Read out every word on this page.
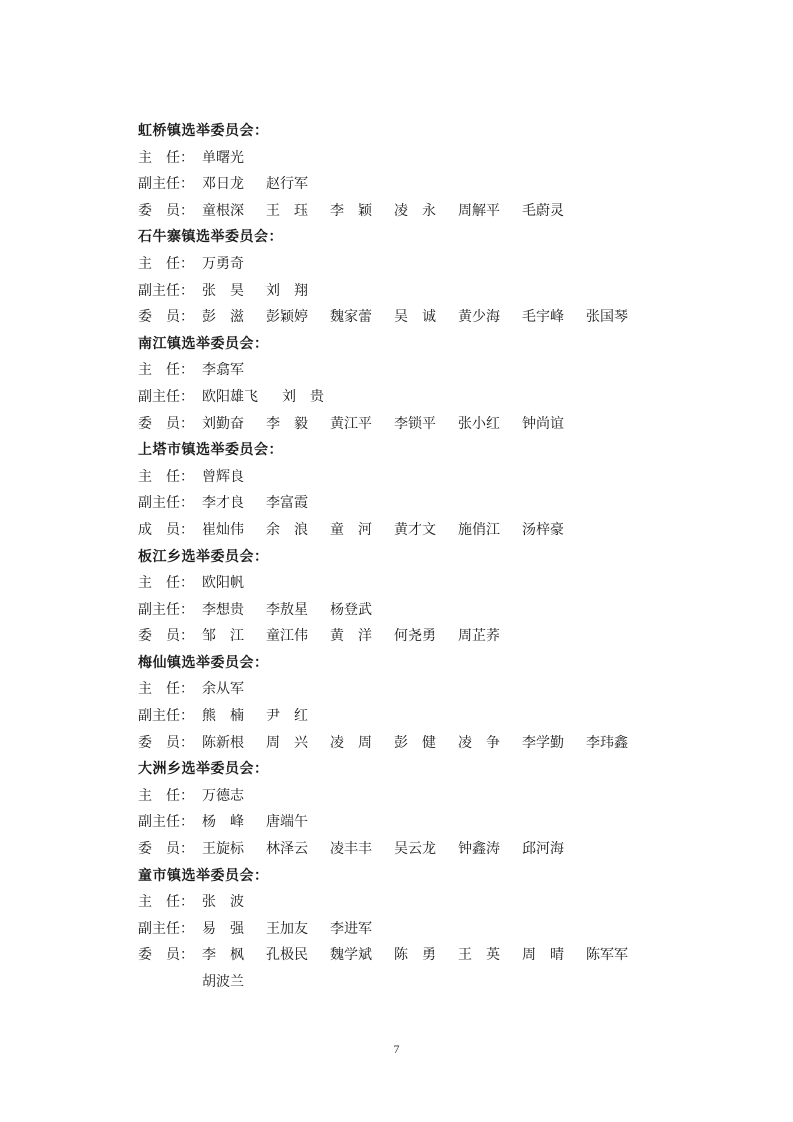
虹桥镇选举委员会：
主　任： 单曙光
副主任： 邓日龙	赵行军
委　员： 童根深	王　珏	李　颖	凌　永	周解平	毛蔚灵
石牛寨镇选举委员会：
主　任： 万勇奇
副主任： 张　昊	刘　翔
委　员： 彭　滋	彭颖婷	魏家蕾	吴　诚	黄少海	毛宇峰	张国琴
南江镇选举委员会：
主　任： 李翕军
副主任： 欧阳雄飞	刘　贵
委　员： 刘勤奋	李　毅	黄江平	李锁平	张小红	钟尚谊
上塔市镇选举委员会：
主　任： 曾辉良
副主任： 李才良	李富霞
成　员： 崔灿伟	余　浪	童　河	黄才文	施俏江	汤梓豪
板江乡选举委员会：
主　任： 欧阳帆
副主任： 李想贵	李敖星	杨登武
委　员： 邹　江	童江伟	黄　洋	何尧勇	周芷荞
梅仙镇选举委员会：
主　任： 余从军
副主任： 熊　楠	尹　红
委　员： 陈新根	周　兴	凌　周	彭　健	凌　争	李学勤	李玮鑫
大洲乡选举委员会：
主　任： 万德志
副主任： 杨　峰	唐端午
委　员： 王旋标	林泽云	凌丰丰	吴云龙	钟鑫涛	邱河海
童市镇选举委员会：
主　任： 张　波
副主任： 易　强	王加友	李进军
委　员： 李　枫	孔极民	魏学斌	陈　勇	王　英	周　晴	陈军军
胡波兰
7
